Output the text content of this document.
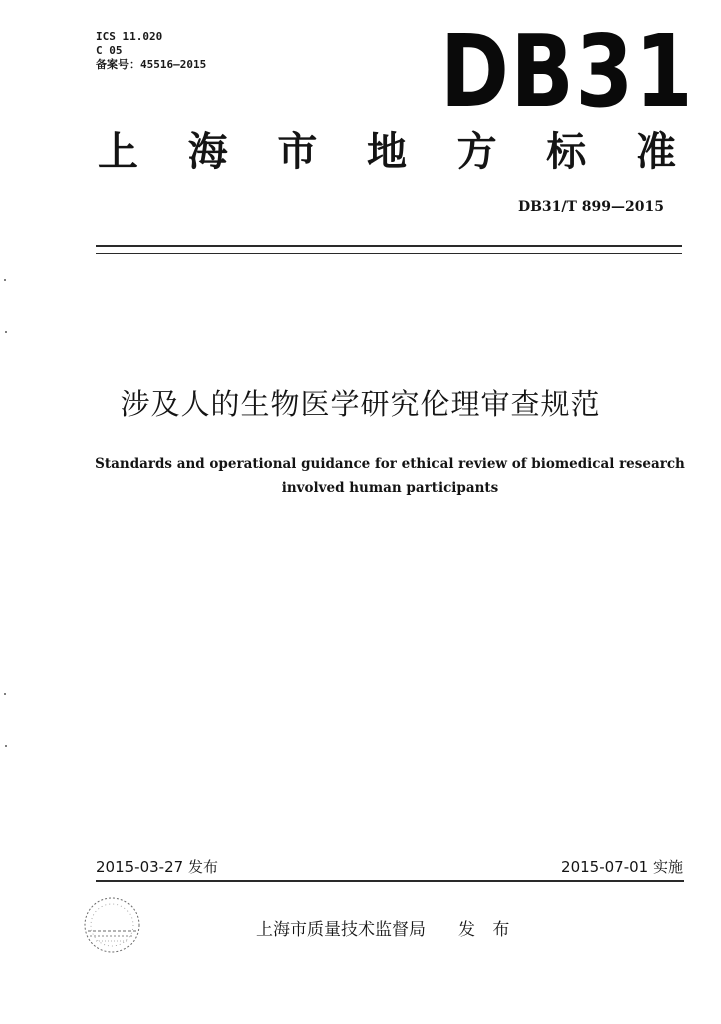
ICS 11.020
C 05
备案号：45516—2015 DB31
上 海 市 地 方 标 准
DB31/T 899—2015
涉及人的生物医学研究伦理审查规范
Standards and operational guidance for ethical review of biomedical research
involved human participants
2015-03-27 发布	2015-07-01 实施
上海市质量技术监督局 发 布
